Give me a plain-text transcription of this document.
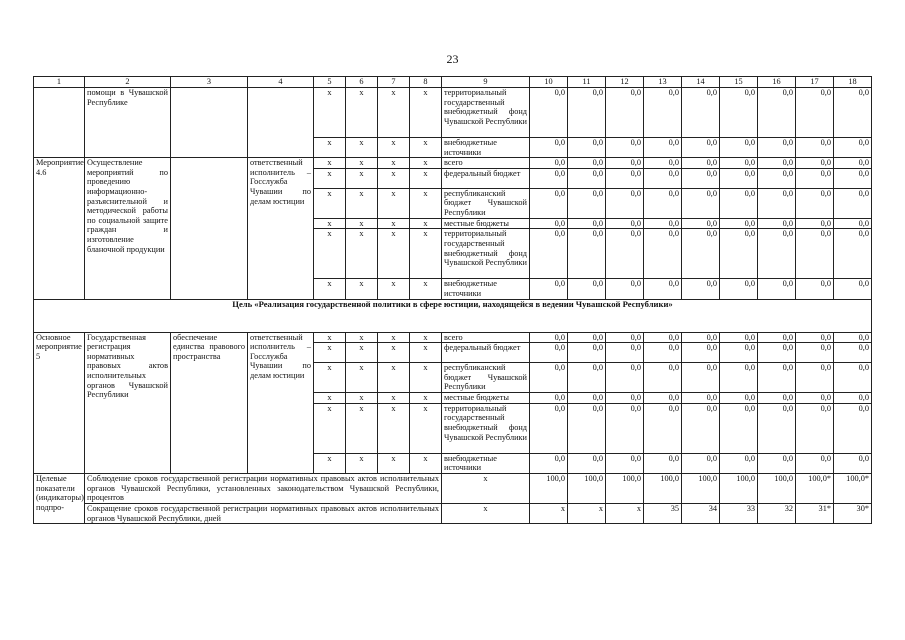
23
1	2	3	4	5	6	7	8	9	10	11	12	13	14	15	16	17	18
	помощи в Чувашской Республике			x	x	x	x	территориальный государственный внебюджетный фонд Чувашской Республики	0,0	0,0	0,0	0,0	0,0	0,0	0,0	0,0	0,0
				x	x	x	x	внебюджетные источники	0,0	0,0	0,0	0,0	0,0	0,0	0,0	0,0	0,0
Мероприятие 4.6	Осуществление мероприятий по проведению информационно-разъяснительной и методической работы по социальной защите граждан и изготовление бланочной продукции		ответственный исполнитель – Госслужба Чувашии по делам юстиции	x	x	x	x	всего	0,0	0,0	0,0	0,0	0,0	0,0	0,0	0,0	0,0
				x	x	x	x	федеральный бюджет	0,0	0,0	0,0	0,0	0,0	0,0	0,0	0,0	0,0
				x	x	x	x	республиканский бюджет Чувашской Республики	0,0	0,0	0,0	0,0	0,0	0,0	0,0	0,0	0,0
				x	x	x	x	местные бюджеты	0,0	0,0	0,0	0,0	0,0	0,0	0,0	0,0	0,0
				x	x	x	x	территориальный государственный внебюджетный фонд Чувашской Республики	0,0	0,0	0,0	0,0	0,0	0,0	0,0	0,0	0,0
				x	x	x	x	внебюджетные источники	0,0	0,0	0,0	0,0	0,0	0,0	0,0	0,0	0,0
Цель «Реализация государственной политики в сфере юстиции, находящейся в ведении Чувашской Республики»																	
Основное мероприятие 5	Государственная регистрация нормативных правовых актов исполнительных органов Чувашской Республики	обеспечение единства правового пространства	ответственный исполнитель – Госслужба Чувашии по делам юстиции	x	x	x	x	всего	0,0	0,0	0,0	0,0	0,0	0,0	0,0	0,0	0,0
				x	x	x	x	федеральный бюджет	0,0	0,0	0,0	0,0	0,0	0,0	0,0	0,0	0,0
				x	x	x	x	республиканский бюджет Чувашской Республики	0,0	0,0	0,0	0,0	0,0	0,0	0,0	0,0	0,0
				x	x	x	x	местные бюджеты	0,0	0,0	0,0	0,0	0,0	0,0	0,0	0,0	0,0
				x	x	x	x	территориальный государственный внебюджетный фонд Чувашской Республики	0,0	0,0	0,0	0,0	0,0	0,0	0,0	0,0	0,0
				x	x	x	x	внебюджетные источники	0,0	0,0	0,0	0,0	0,0	0,0	0,0	0,0	0,0
Целевые показатели (индикаторы) подпро-	Соблюдение сроков государственной регистрации нормативных правовых актов исполнительных органов Чувашской Республики, установленных законодательством Чувашской Республики, процентов							x	100,0	100,0	100,0	100,0	100,0	100,0	100,0	100,0*	100,0*
	Сокращение сроков государственной регистрации нормативных правовых актов исполнительных органов Чувашской Республики, дней							x	x	x	x	35	34	33	32	31*	30*
